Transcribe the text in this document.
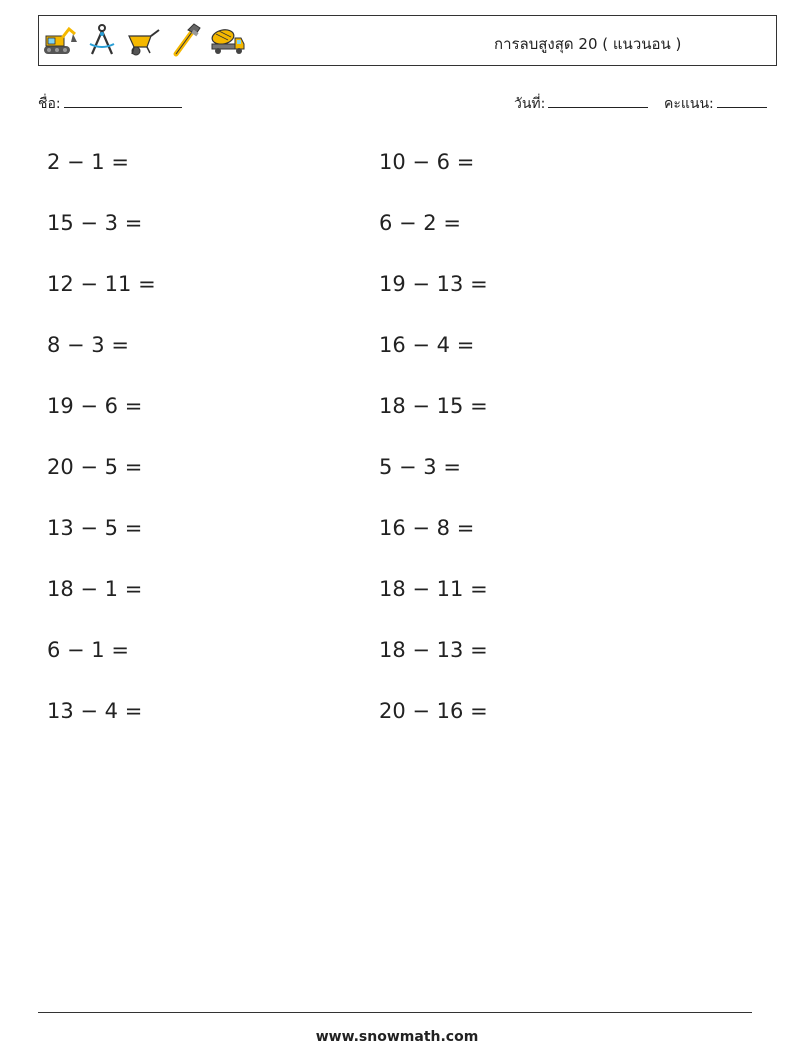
การลบสูงสุด 20 ( แนวนอน )
ชื่อ:	วันที่:	คะแนน:
2 − 1 =
15 − 3 =
12 − 11 =
8 − 3 =
19 − 6 =
20 − 5 =
13 − 5 =
18 − 1 =
6 − 1 =
13 − 4 =
10 − 6 =
6 − 2 =
19 − 13 =
16 − 4 =
18 − 15 =
5 − 3 =
16 − 8 =
18 − 11 =
18 − 13 =
20 − 16 =
www.snowmath.com
